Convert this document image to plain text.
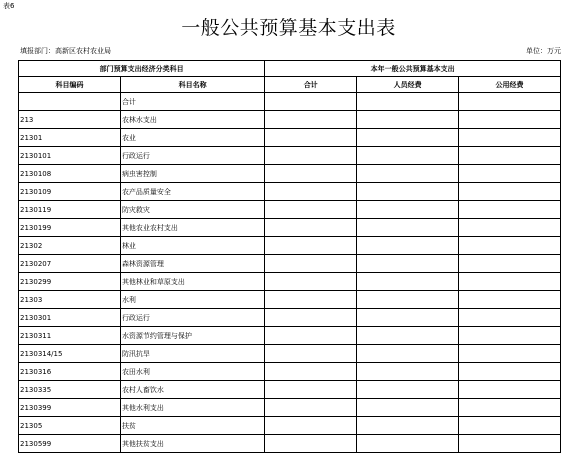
表6
一般公共预算基本支出表
填报部门：高新区农村农业局	单位：万元
部门预算支出经济分类科目		本年一般公共预算基本支出		
科目编码	科目名称	合计	人员经费	公用经费
	合计			
213	农林水支出			
21301	农业			
2130101	行政运行			
2130108	病虫害控制			
2130109	农产品质量安全			
2130119	防灾救灾			
2130199	其他农业农村支出			
21302	林业			
2130207	森林资源管理			
2130299	其他林业和草原支出			
21303	水利			
2130301	行政运行			
2130311	水资源节约管理与保护			
2130314/15	防汛抗旱			
2130316	农田水利			
2130335	农村人畜饮水			
2130399	其他水利支出			
21305	扶贫			
2130599	其他扶贫支出			
